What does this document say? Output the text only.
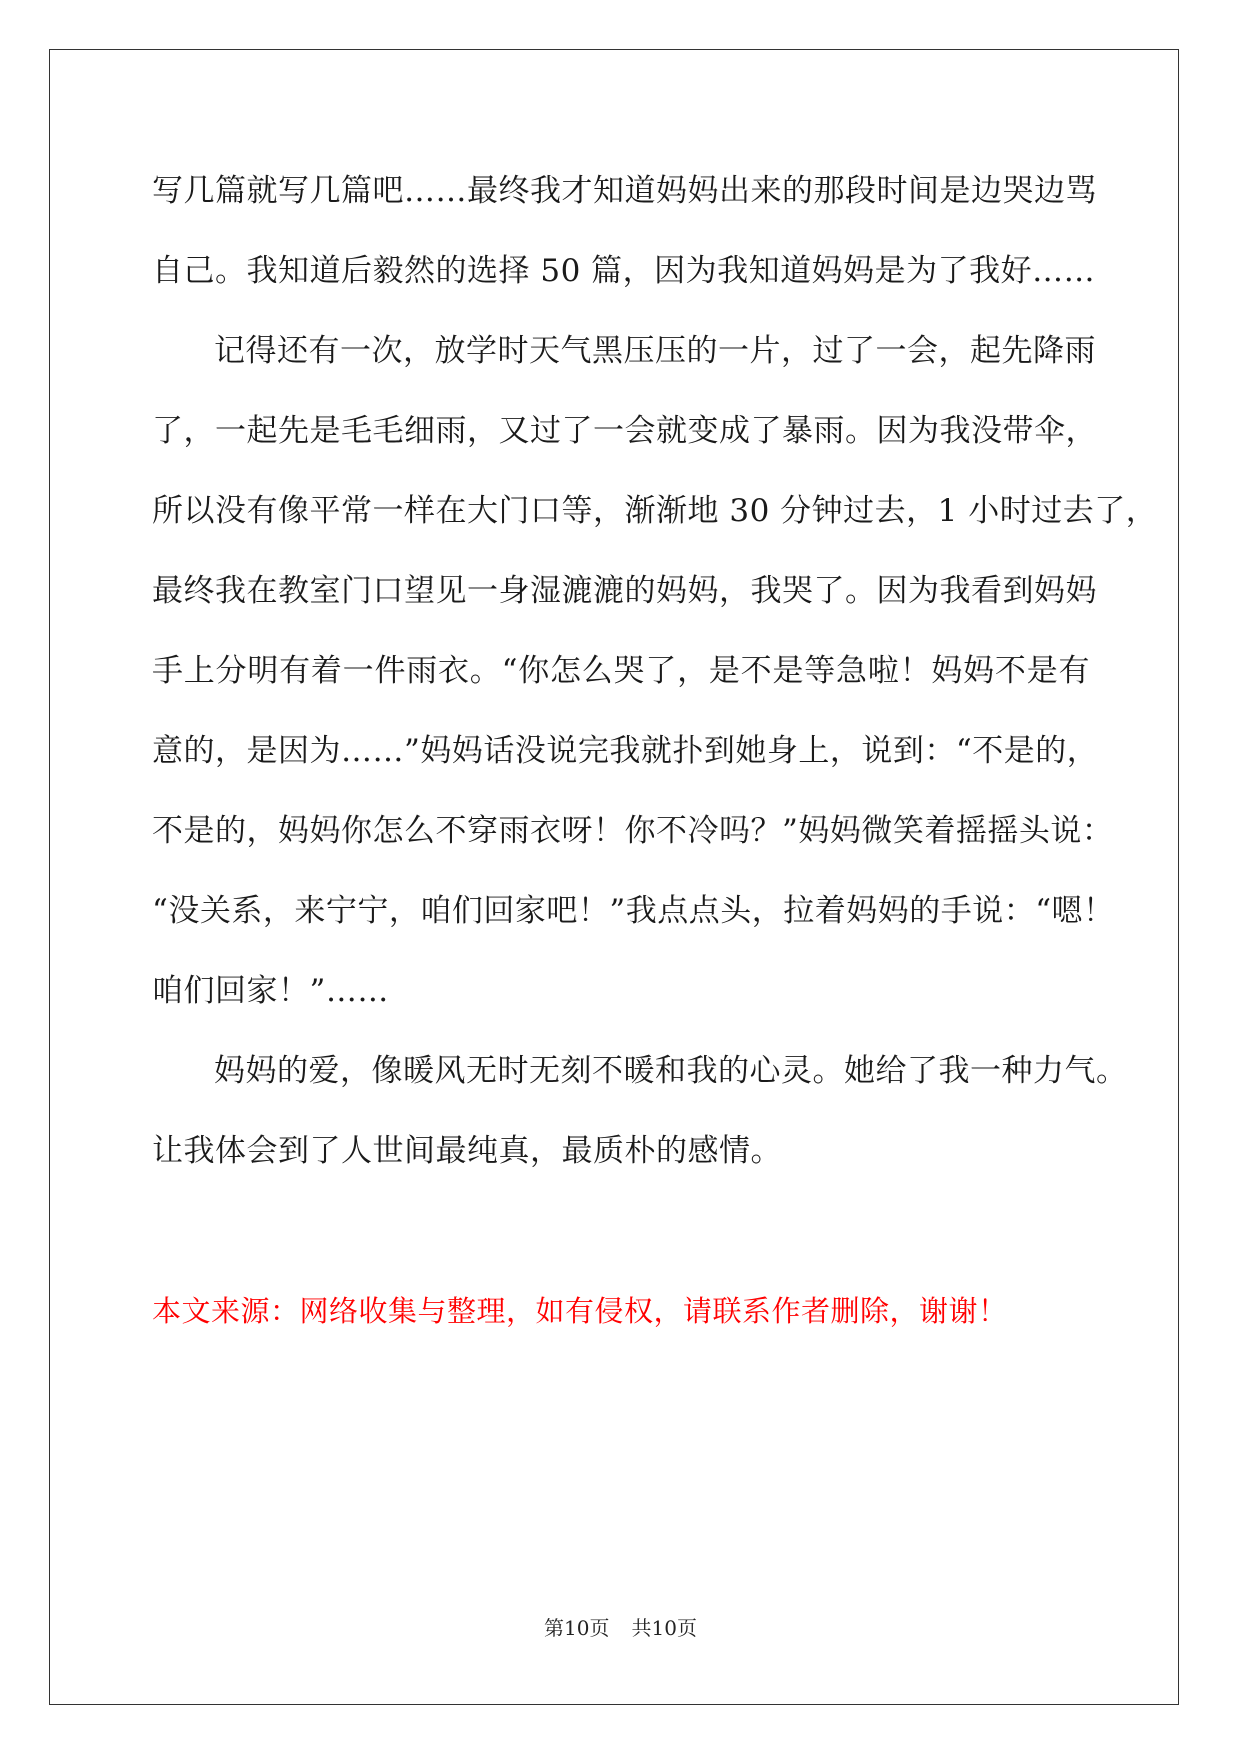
写几篇就写几篇吧……最终我才知道妈妈出来的那段时间是边哭边骂
自己。我知道后毅然的选择 50 篇，因为我知道妈妈是为了我好……
记得还有一次，放学时天气黑压压的一片，过了一会，起先降雨
了，一起先是毛毛细雨，又过了一会就变成了暴雨。因为我没带伞，
所以没有像平常一样在大门口等，渐渐地 30 分钟过去，1 小时过去了，
最终我在教室门口望见一身湿漉漉的妈妈，我哭了。因为我看到妈妈
手上分明有着一件雨衣。“你怎么哭了，是不是等急啦！妈妈不是有
意的，是因为……”妈妈话没说完我就扑到她身上，说到：“不是的，
不是的，妈妈你怎么不穿雨衣呀！你不冷吗？”妈妈微笑着摇摇头说：
“没关系，来宁宁，咱们回家吧！”我点点头，拉着妈妈的手说：“嗯！
咱们回家！”……
妈妈的爱，像暖风无时无刻不暖和我的心灵。她给了我一种力气。
让我体会到了人世间最纯真，最质朴的感情。
本文来源：网络收集与整理，如有侵权，请联系作者删除，谢谢！
第10页 共10页
